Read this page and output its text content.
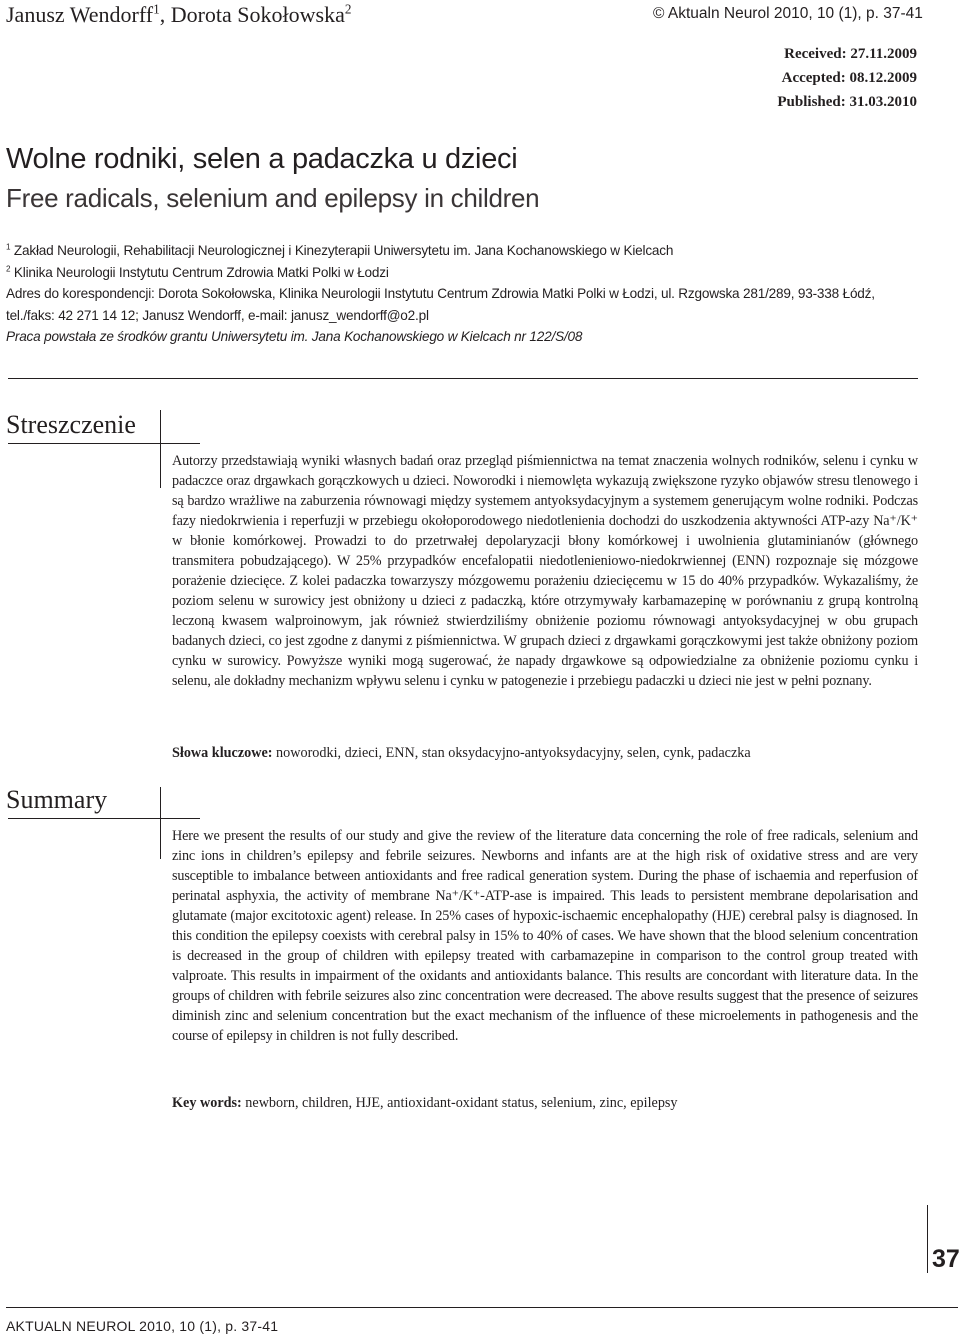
Janusz Wendorff$^1$, Dorota Sokołowska$^2$	© Aktualn Neurol 2010, 10 (1), p. 37-41
Received: 27.11.2009
Accepted: 08.12.2009
Published: 31.03.2010
Wolne rodniki, selen a padaczka u dzieci
Free radicals, selenium and epilepsy in children
$^1$ Zakład Neurologii, Rehabilitacji Neurologicznej i Kinezyterapii Uniwersytetu im. Jana Kochanowskiego w Kielcach
$^2$ Klinika Neurologii Instytutu Centrum Zdrowia Matki Polki w Łodzi
Adres do korespondencji: Dorota Sokołowska, Klinika Neurologii Instytutu Centrum Zdrowia Matki Polki w Łodzi, ul. Rzgowska 281/289, 93-338 Łódź, tel./faks: 42 271 14 12; Janusz Wendorff, e-mail: janusz_wendorff@o2.pl
Praca powstała ze środków grantu Uniwersytetu im. Jana Kochanowskiego w Kielcach nr 122/S/08
Streszczenie
Autorzy przedstawiają wyniki własnych badań oraz przegląd piśmiennictwa na temat znaczenia wolnych rodników, selenu i cynku w padaczce oraz drgawkach gorączkowych u dzieci. Noworodki i niemowlęta wykazują zwiększone ryzyko objawów stresu tlenowego i są bardzo wrażliwe na zaburzenia równowagi między systemem antyoksydacyjnym a systemem generującym wolne rodniki. Podczas fazy niedokrwienia i reperfuzji w przebiegu okołoporodowego niedotlenienia dochodzi do uszkodzenia aktywności ATP-azy Na⁺/K⁺ w błonie komórkowej. Prowadzi to do przetrwałej depolaryzacji błony komórkowej i uwolnienia glutaminianów (głównego transmitera pobudzającego). W 25% przypadków encefalopatii niedotlenieniowo-niedokrwiennej (ENN) rozpoznaje się mózgowe porażenie dziecięce. Z kolei padaczka towarzyszy mózgowemu porażeniu dziecięcemu w 15 do 40% przypadków. Wykazaliśmy, że poziom selenu w surowicy jest obniżony u dzieci z padaczką, które otrzymywały karbamazepinę w porównaniu z grupą kontrolną leczoną kwasem walproinowym, jak również stwierdziliśmy obniżenie poziomu równowagi antyoksydacyjnej w obu grupach badanych dzieci, co jest zgodne z danymi z piśmiennictwa. W grupach dzieci z drgawkami gorączkowymi jest także obniżony poziom cynku w surowicy. Powyższe wyniki mogą sugerować, że napady drgawkowe są odpowiedzialne za obniżenie poziomu cynku i selenu, ale dokładny mechanizm wpływu selenu i cynku w patogenezie i przebiegu padaczki u dzieci nie jest w pełni poznany.
Słowa kluczowe: noworodki, dzieci, ENN, stan oksydacyjno-antyoksydacyjny, selen, cynk, padaczka
Summary
Here we present the results of our study and give the review of the literature data concerning the role of free radicals, selenium and zinc ions in children’s epilepsy and febrile seizures. Newborns and infants are at the high risk of oxidative stress and are very susceptible to imbalance between antioxidants and free radical generation system. During the phase of ischaemia and reperfusion of perinatal asphyxia, the activity of membrane Na⁺/K⁺-ATP-ase is impaired. This leads to persistent membrane depolarisation and glutamate (major excitotoxic agent) release. In 25% cases of hypoxic-ischaemic encephalopathy (HJE) cerebral palsy is diagnosed. In this condition the epilepsy coexists with cerebral palsy in 15% to 40% of cases. We have shown that the blood selenium concentration is decreased in the group of children with epilepsy treated with carbamazepine in comparison to the control group treated with valproate. This results in impairment of the oxidants and antioxidants balance. This results are concordant with literature data. In the groups of children with febrile seizures also zinc concentration were decreased. The above results suggest that the presence of seizures diminish zinc and selenium concentration but the exact mechanism of the influence of these microelements in pathogenesis and the course of epilepsy in children is not fully described.
Key words: newborn, children, HJE, antioxidant-oxidant status, selenium, zinc, epilepsy
37
AKTUALN NEUROL 2010, 10 (1), p. 37-41
